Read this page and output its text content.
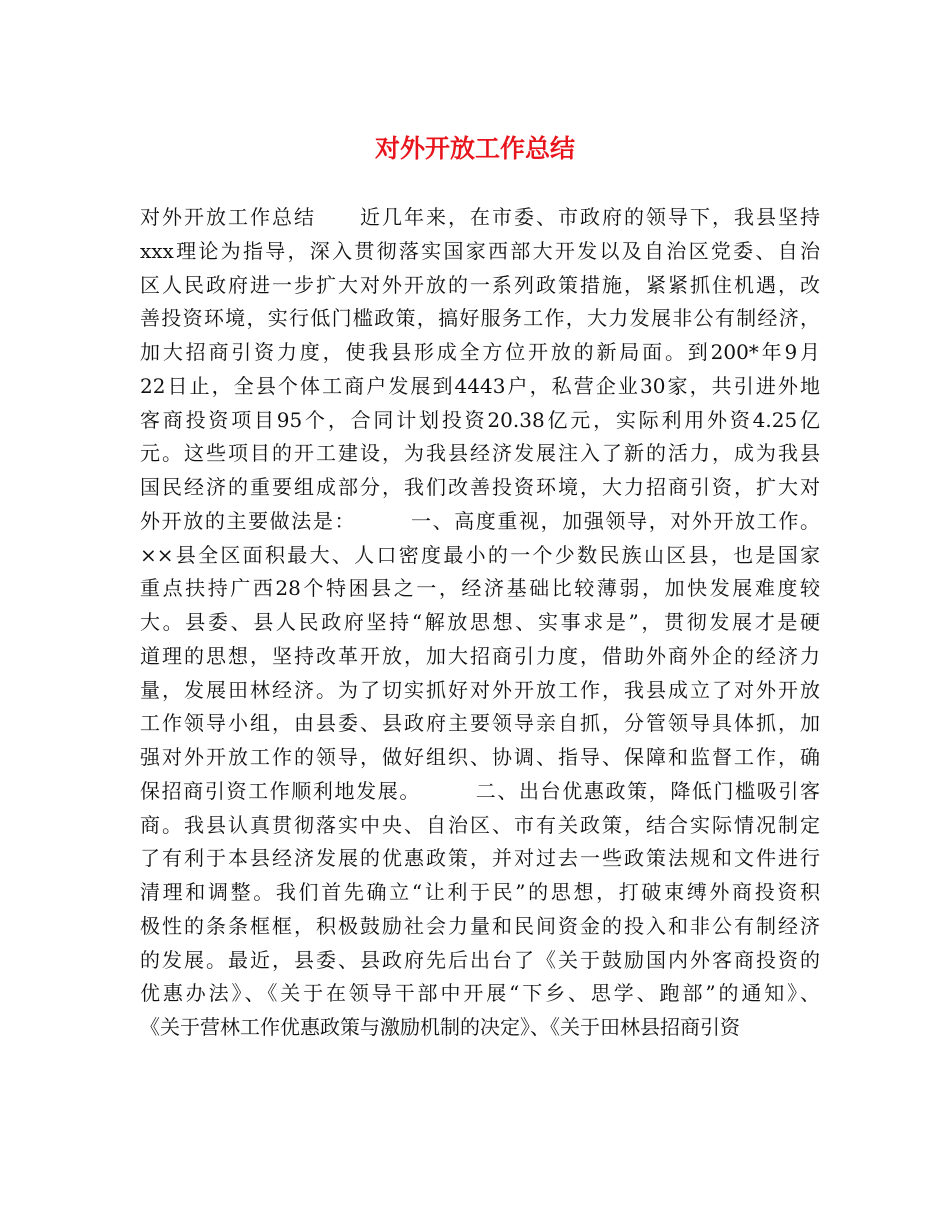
对外开放工作总结
对外开放工作总结　　近几年来，在市委、市政府的领导下，我县坚持
xxx理论为指导，深入贯彻落实国家西部大开发以及自治区党委、自治
区人民政府进一步扩大对外开放的一系列政策措施，紧紧抓住机遇，改
善投资环境，实行低门槛政策，搞好服务工作，大力发展非公有制经济，
加大招商引资力度，使我县形成全方位开放的新局面。到200*年9月
22日止，全县个体工商户发展到4443户，私营企业30家，共引进外地
客商投资项目95个，合同计划投资20.38亿元，实际利用外资4.25亿
元。这些项目的开工建设，为我县经济发展注入了新的活力，成为我县
国民经济的重要组成部分，我们改善投资环境，大力招商引资，扩大对
外开放的主要做法是：　　　一、高度重视，加强领导，对外开放工作。
××县全区面积最大、人口密度最小的一个少数民族山区县，也是国家
重点扶持广西28个特困县之一，经济基础比较薄弱，加快发展难度较
大。县委、县人民政府坚持“解放思想、实事求是”，贯彻发展才是硬
道理的思想，坚持改革开放，加大招商引力度，借助外商外企的经济力
量，发展田林经济。为了切实抓好对外开放工作，我县成立了对外开放
工作领导小组，由县委、县政府主要领导亲自抓，分管领导具体抓，加
强对外开放工作的领导，做好组织、协调、指导、保障和监督工作，确
保招商引资工作顺利地发展。　　　二、出台优惠政策，降低门槛吸引客
商。我县认真贯彻落实中央、自治区、市有关政策，结合实际情况制定
了有利于本县经济发展的优惠政策，并对过去一些政策法规和文件进行
清理和调整。我们首先确立“让利于民”的思想，打破束缚外商投资积
极性的条条框框，积极鼓励社会力量和民间资金的投入和非公有制经济
的发展。最近，县委、县政府先后出台了《关于鼓励国内外客商投资的
优惠办法》、《关于在领导干部中开展“下乡、思学、跑部”的通知》、
《关于营林工作优惠政策与激励机制的决定》、《关于田林县招商引资
